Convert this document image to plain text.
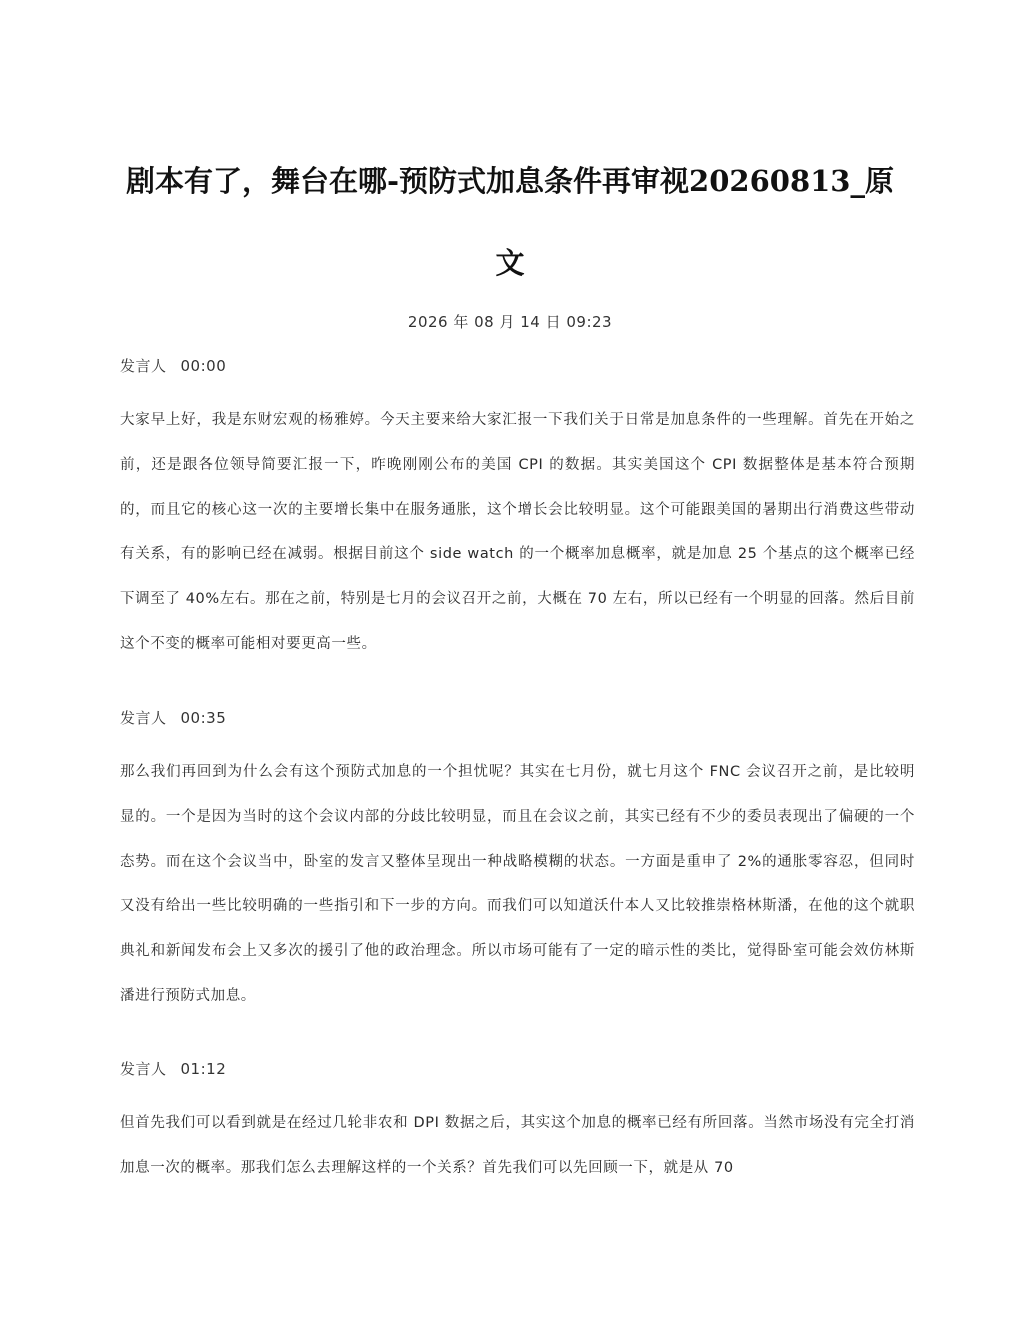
剧本有了，舞台在哪-预防式加息条件再审视20260813_原文
2026 年 08 月 14 日 09:23

发言人 00:00

大家早上好，我是东财宏观的杨雅婷。今天主要来给大家汇报一下我们关于日常是加息条件的一些理解。首先在开始之前，还是跟各位领导简要汇报一下，昨晚刚刚公布的美国 CPI 的数据。其实美国这个 CPI 数据整体是基本符合预期的，而且它的核心这一次的主要增长集中在服务通胀，这个增长会比较明显。这个可能跟美国的暑期出行消费这些带动有关系，有的影响已经在减弱。根据目前这个 side watch 的一个概率加息概率，就是加息 25 个基点的这个概率已经下调至了 40%左右。那在之前，特别是七月的会议召开之前，大概在 70 左右，所以已经有一个明显的回落。然后目前这个不变的概率可能相对要更高一些。

发言人 00:35

那么我们再回到为什么会有这个预防式加息的一个担忧呢？其实在七月份，就七月这个 FNC 会议召开之前，是比较明显的。一个是因为当时的这个会议内部的分歧比较明显，而且在会议之前，其实已经有不少的委员表现出了偏硬的一个态势。而在这个会议当中，卧室的发言又整体呈现出一种战略模糊的状态。一方面是重申了 2%的通胀零容忍，但同时又没有给出一些比较明确的一些指引和下一步的方向。而我们可以知道沃什本人又比较推崇格林斯潘，在他的这个就职典礼和新闻发布会上又多次的援引了他的政治理念。所以市场可能有了一定的暗示性的类比，觉得卧室可能会效仿林斯潘进行预防式加息。

发言人 01:12

但首先我们可以看到就是在经过几轮非农和 DPI 数据之后，其实这个加息的概率已经有所回落。当然市场没有完全打消加息一次的概率。那我们怎么去理解这样的一个关系？首先我们可以先回顾一下，就是从 70
